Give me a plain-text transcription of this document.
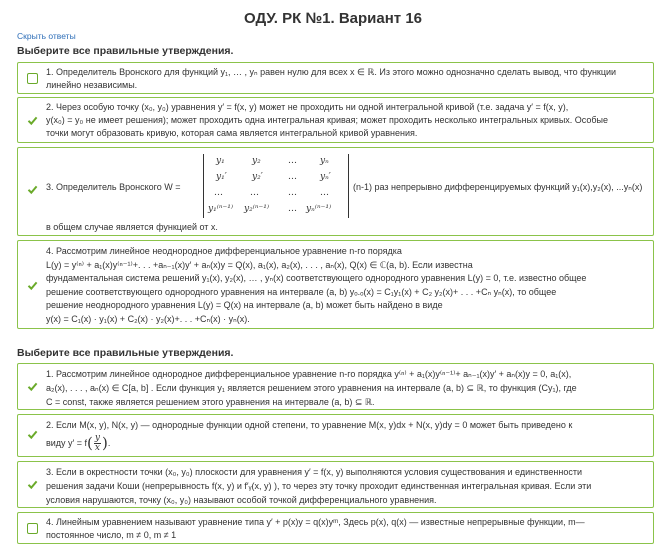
ОДУ. РК №1. Вариант 16
Скрыть ответы
Выберите все правильные утверждения.

1. Определитель Вронского для функций y₁, … , yₙ равен нулю для всех x ∈ ℝ. Из этого можно однозначно сделать вывод, что функции

линейно независимы.

2. Через особую точку (x₀, y₀) уравнения y′ = f(x, y) может не проходить ни одной интегральной кривой (т.е. задача y′ = f(x, y),

y(x₀) = y₀ не имеет решения); может проходить одна интегральная кривая; может проходить несколько интегральных кривых. Особые

точки могут образовать кривую, которая сама является интегральной кривой уравнения.

3. Определитель Вронского W =

y₁	y₂	…	yₙ
y₁′	y₂′	…	yₙ′
…	…	…	…
y₁⁽ⁿ⁻¹⁾ y₂⁽ⁿ⁻¹⁾ … yₙ⁽ⁿ⁻¹⁾

(n-1) раз непрерывно дифференцируемых функций y₁(x),y₂(x), ...yₙ(x)

в общем случае является функцией от x.

4. Рассмотрим линейное неоднородное дифференциальное уравнение n-го порядка

L(y) = y⁽ⁿ⁾ + a₁(x)y⁽ⁿ⁻¹⁾+. . . +aₙ₋₁(x)y′ + aₙ(x)y = Q(x), a₁(x), a₂(x), . . . , aₙ(x), Q(x) ∈ ℂ(a, b). Если известна

фундаментальная система решений y₁(x), y₂(x), … , yₙ(x) соответствующего однородного уравнения L(y) = 0, т.е. известно общее

решение соответствующего однородного уравнения на интервале (a, b) yₒ.ₒ(x) = C₁y₁(x) + C₂ y₂(x)+ . . . +Cₙ yₙ(x), то общее

решение неоднородного уравнения L(y) = Q(x) на интервале (a, b) может быть найдено в виде

y(x) = C₁(x) · y₁(x) + C₂(x) · y₂(x)+. . . +Cₙ(x) · yₙ(x).

Выберите все правильные утверждения.

1. Рассмотрим линейное однородное дифференциальное уравнение n-го порядка y⁽ⁿ⁾ + a₁(x)y⁽ⁿ⁻¹⁾+ aₙ₋₁(x)y′ + aₙ(x)y = 0, a₁(x),

a₂(x), . . . , aₙ(x) ∈ C[a, b] . Если функция y₁ является решением этого уравнения на интервале (a, b) ⊆ ℝ, то функция (Cy₁), где

C = const, также является решением этого уравнения на интервале (a, b) ⊆ ℝ.

2. Если M(x, y), N(x, y) — однородные функции одной степени, то уравнение M(x, y)dx + N(x, y)dy = 0 может быть приведено к

виду $y' = f( \frac{y}{x}$ ).

3. Если в окрестности точки (x₀, y₀) плоскости для уравнения y′ = f(x, y) выполняются условия существования и единственности

решения задачи Коши (непрерывность f(x, y) и f′ᵧ(x, y) ), то через эту точку проходит единственная интегральная кривая. Если эти

условия нарушаются, точку (x₀, y₀) называют особой точкой дифференциального уравнения.

4. Линейным уравнением называют уравнение типа y′ + p(x)y = q(x)yᵐ, Здесь p(x), q(x) — известные непрерывные функции, m—

постоянное число, m ≠ 0, m ≠ 1
